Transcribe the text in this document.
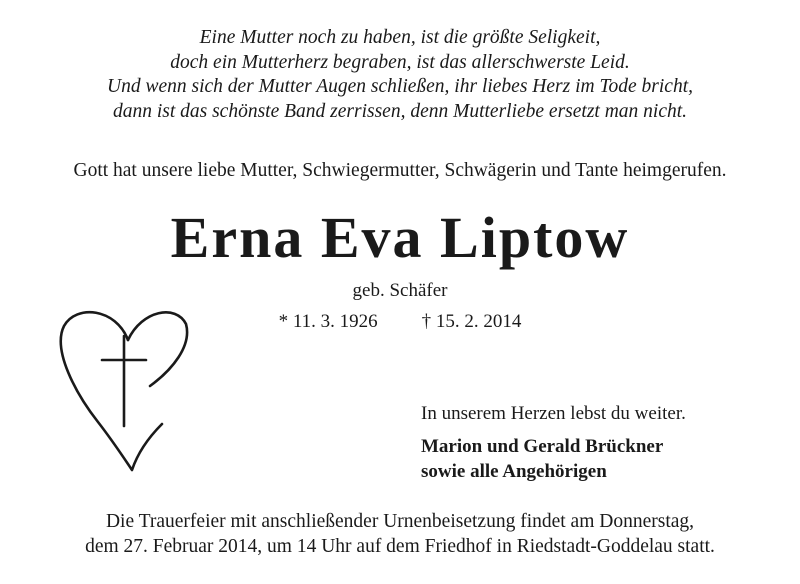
Eine Mutter noch zu haben, ist die größte Seligkeit,
doch ein Mutterherz begraben, ist das allerschwerste Leid.
Und wenn sich der Mutter Augen schließen, ihr liebes Herz im Tode bricht,
dann ist das schönste Band zerrissen, denn Mutterliebe ersetzt man nicht.
Gott hat unsere liebe Mutter, Schwiegermutter, Schwägerin und Tante heimgerufen.
Erna Eva Liptow
geb. Schäfer
* 11. 3. 1926 † 15. 2. 2014
In unserem Herzen lebst du weiter.
Marion und Gerald Brückner
sowie alle Angehörigen
Die Trauerfeier mit anschließender Urnenbeisetzung findet am Donnerstag,
dem 27. Februar 2014, um 14 Uhr auf dem Friedhof in Riedstadt-Goddelau statt.
